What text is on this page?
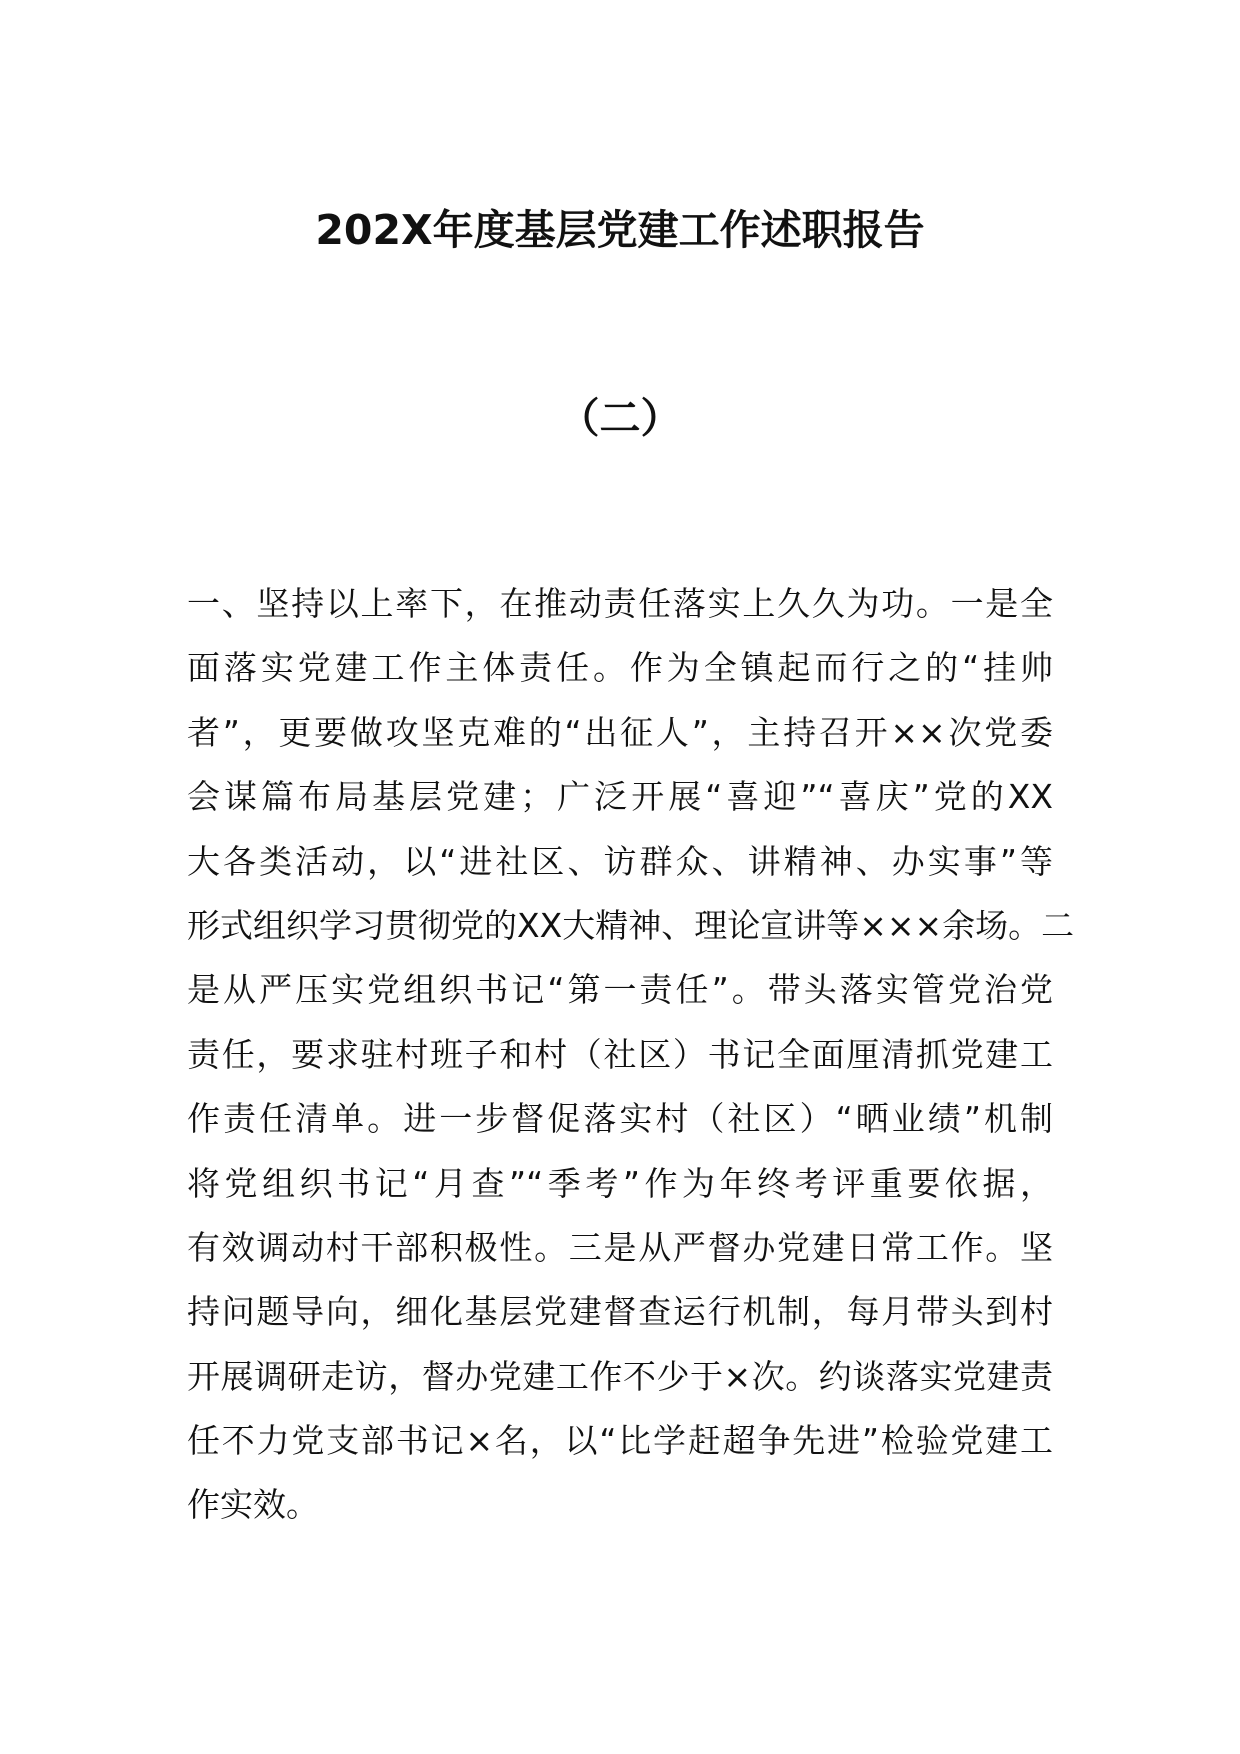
202X年度基层党建工作述职报告
（二）
一、坚持以上率下，在推动责任落实上久久为功。一是全
面落实党建工作主体责任。作为全镇起而行之的“挂帅
者”，更要做攻坚克难的“出征人”，主持召开××次党委
会谋篇布局基层党建；广泛开展“喜迎”“喜庆”党的XX
大各类活动，以“进社区、访群众、讲精神、办实事”等
形式组织学习贯彻党的XX大精神、理论宣讲等×××余场。二
是从严压实党组织书记“第一责任”。带头落实管党治党
责任，要求驻村班子和村（社区）书记全面厘清抓党建工
作责任清单。进一步督促落实村（社区）“晒业绩”机制
将党组织书记“月查”“季考”作为年终考评重要依据，
有效调动村干部积极性。三是从严督办党建日常工作。坚
持问题导向，细化基层党建督查运行机制，每月带头到村
开展调研走访，督办党建工作不少于×次。约谈落实党建责
任不力党支部书记×名，以“比学赶超争先进”检验党建工
作实效。
